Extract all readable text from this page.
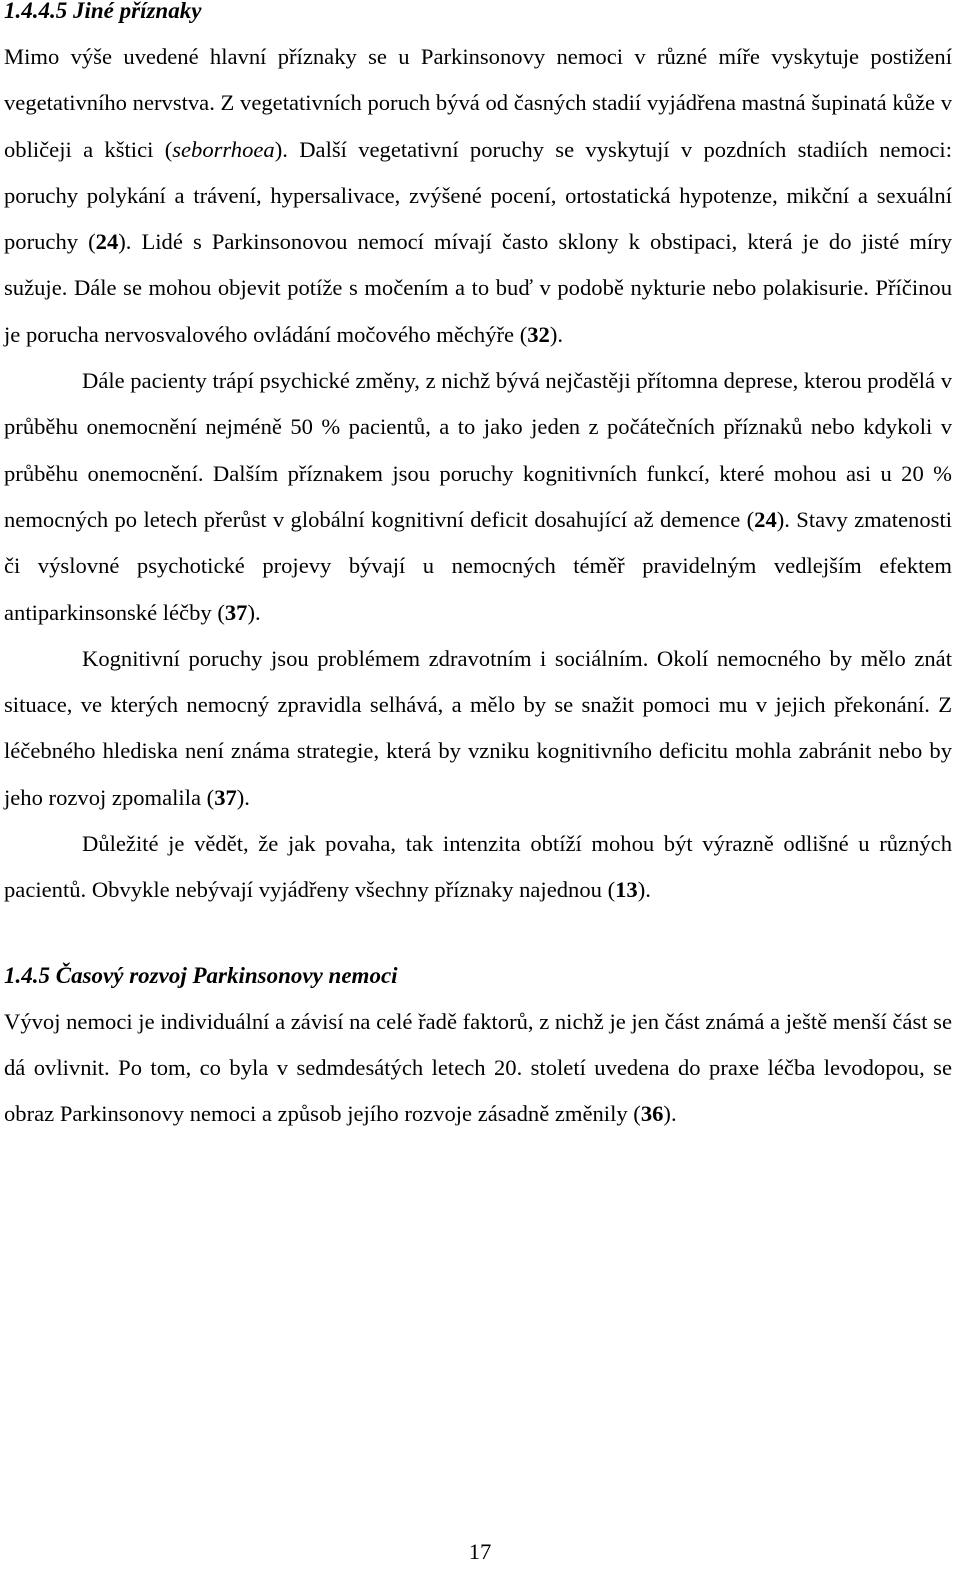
1.4.4.5 Jiné příznaky

Mimo výše uvedené hlavní příznaky se u Parkinsonovy nemoci v různé míře vyskytuje postižení vegetativního nervstva. Z vegetativních poruch bývá od časných stadií vyjádřena mastná šupinatá kůže v obličeji a kštici (seborrhoea). Další vegetativní poruchy se vyskytují v pozdních stadiích nemoci: poruchy polykání a trávení, hypersalivace, zvýšené pocení, ortostatická hypotenze, mikční a sexuální poruchy (24). Lidé s Parkinsonovou nemocí mívají často sklony k obstipaci, která je do jisté míry sužuje. Dále se mohou objevit potíže s močením a to buď v podobě nykturie nebo polakisurie. Příčinou je porucha nervosvalového ovládání močového měchýře (32).

Dále pacienty trápí psychické změny, z nichž bývá nejčastěji přítomna deprese, kterou prodělá v průběhu onemocnění nejméně 50 % pacientů, a to jako jeden z počátečních příznaků nebo kdykoli v průběhu onemocnění. Dalším příznakem jsou poruchy kognitivních funkcí, které mohou asi u 20 % nemocných po letech přerůst v globální kognitivní deficit dosahující až demence (24). Stavy zmatenosti či výslovné psychotické projevy bývají u nemocných téměř pravidelným vedlejším efektem antiparkinsonské léčby (37).

Kognitivní poruchy jsou problémem zdravotním i sociálním. Okolí nemocného by mělo znát situace, ve kterých nemocný zpravidla selhává, a mělo by se snažit pomoci mu v jejich překonání. Z léčebného hlediska není známa strategie, která by vzniku kognitivního deficitu mohla zabránit nebo by jeho rozvoj zpomalila (37).

Důležité je vědět, že jak povaha, tak intenzita obtíží mohou být výrazně odlišné u různých pacientů. Obvykle nebývají vyjádřeny všechny příznaky najednou (13).

1.4.5 Časový rozvoj Parkinsonovy nemoci

Vývoj nemoci je individuální a závisí na celé řadě faktorů, z nichž je jen část známá a ještě menší část se dá ovlivnit. Po tom, co byla v sedmdesátých letech 20. století uvedena do praxe léčba levodopou, se obraz Parkinsonovy nemoci a způsob jejího rozvoje zásadně změnily (36).

17
